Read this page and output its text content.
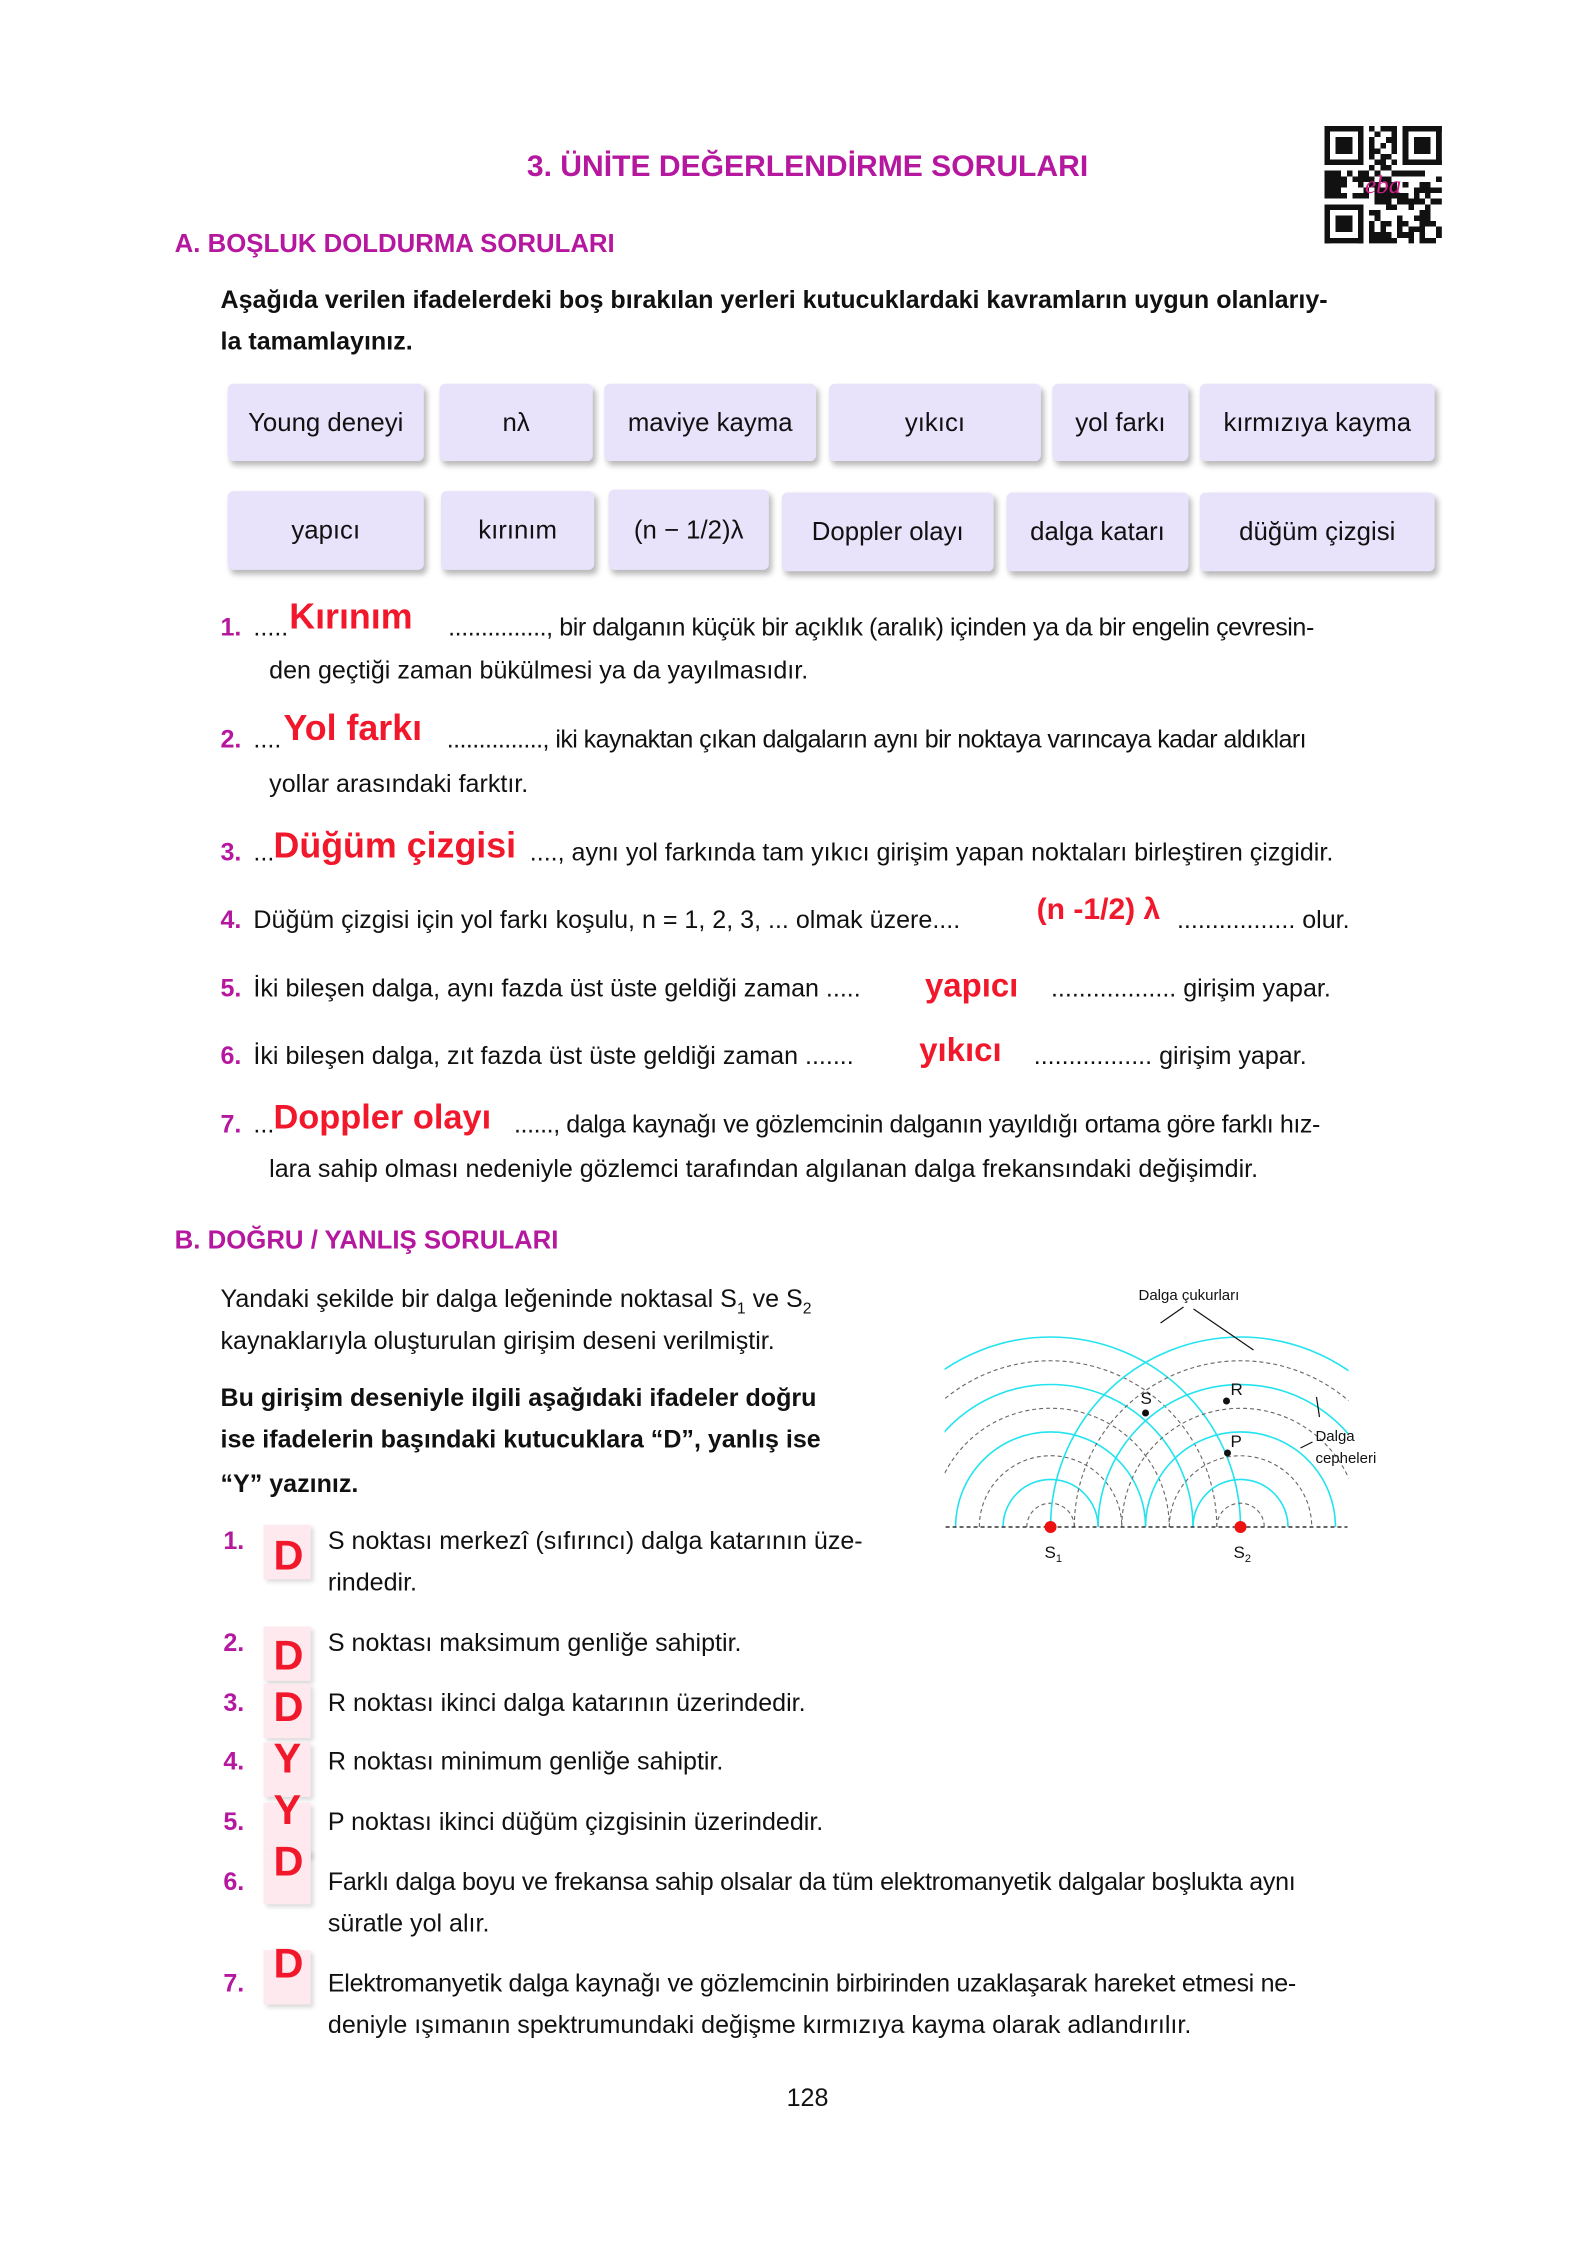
3. ÜNİTE DEĞERLENDİRME SORULARI
eba
A. BOŞLUK DOLDURMA SORULARI
Aşağıda verilen ifadelerdeki boş bırakılan yerleri kutucuklardaki kavramların uygun olanlarıy-
la tamamlayınız.
Young deneyi	nλ	maviye kayma	yıkıcı	yol farkı	kırmızıya kayma
yapıcı	kırınım	(n − 1/2)λ	Doppler olayı	dalga katarı	düğüm çizgisi
1. ..... Kırınım ..............., bir dalganın küçük bir açıklık (aralık) içinden ya da bir engelin çevresin-
den geçtiği zaman bükülmesi ya da yayılmasıdır.
2. .... Yol farkı ..............., iki kaynaktan çıkan dalgaların aynı bir noktaya varıncaya kadar aldıkları
yollar arasındaki farktır.
3. ... Düğüm çizgisi ...., aynı yol farkında tam yıkıcı girişim yapan noktaları birleştiren çizgidir.
4. Düğüm çizgisi için yol farkı koşulu, n = 1, 2, 3, ... olmak üzere....	(n -1/2) λ ................. olur.
5. İki bileşen dalga, aynı fazda üst üste geldiği zaman .....	yapıcı .................. girişim yapar.
6. İki bileşen dalga, zıt fazda üst üste geldiği zaman .......	yıkıcı ................. girişim yapar.
7. ... Doppler olayı ......, dalga kaynağı ve gözlemcinin dalganın yayıldığı ortama göre farklı hız-
lara sahip olması nedeniyle gözlemci tarafından algılanan dalga frekansındaki değişimdir.
B. DOĞRU / YANLIŞ SORULARI
Yandaki şekilde bir dalga leğeninde noktasal $S_1$ ve $S_2$
kaynaklarıyla oluşturulan girişim deseni verilmiştir.
Bu girişim deseniyle ilgili aşağıdaki ifadeler doğru
ise ifadelerin başındaki kutucuklara “D”, yanlış ise
“Y” yazınız.
Dalga çukurları
Dalga
cepheleri
S	R
P
$S_1$	$S_2$
1. D S noktası merkezî (sıfırıncı) dalga katarının üze-
rindedir.
2. D S noktası maksimum genliğe sahiptir.
3. D R noktası ikinci dalga katarının üzerindedir.
4. Y R noktası minimum genliğe sahiptir.
5. Y P noktası ikinci düğüm çizgisinin üzerindedir.
6. D Farklı dalga boyu ve frekansa sahip olsalar da tüm elektromanyetik dalgalar boşlukta aynı
süratle yol alır.
7. D Elektromanyetik dalga kaynağı ve gözlemcinin birbirinden uzaklaşarak hareket etmesi ne-
deniyle ışımanın spektrumundaki değişme kırmızıya kayma olarak adlandırılır.
128
